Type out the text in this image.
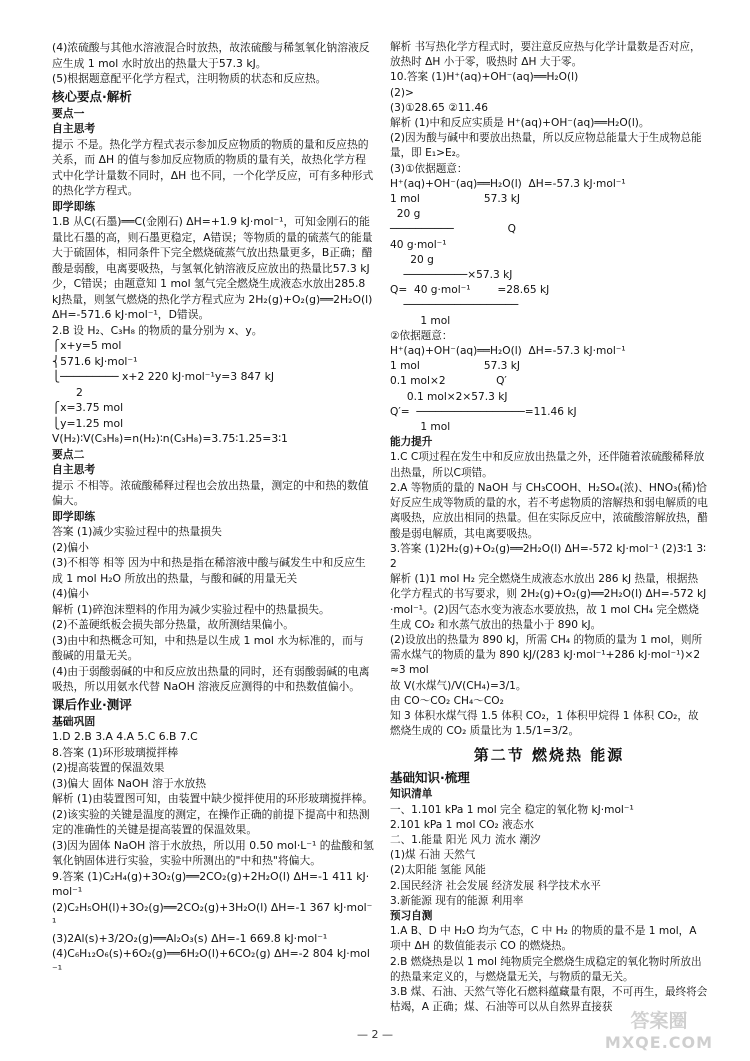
(4)浓硫酸与其他水溶液混合时放热，故浓硫酸与稀氢氧化钠溶液反应生成 1 mol 水时放出的热量大于57.3 kJ。
(5)根据题意配平化学方程式，注明物质的状态和反应热。
核心要点·解析
要点一
自主思考
提示 不是。热化学方程式表示参加反应物质的物质的量和反应热的关系，而 ΔH 的值与参加反应物质的物质的量有关，故热化学方程式中化学计量数不同时，ΔH 也不同，一个化学反应，可有多种形式的热化学方程式。
即学即练
1.B 从C(石墨)══C(金刚石) ΔH=+1.9 kJ·mol⁻¹，可知金刚石的能量比石墨的高，则石墨更稳定，A错误；等物质的量的硫蒸气的能量大于硫固体，相同条件下完全燃烧硫蒸气放出热量更多，B正确；醋酸是弱酸，电离要吸热，与氢氧化钠溶液反应放出的热量比57.3 kJ少，C错误；由题意知 1 mol 氢气完全燃烧生成液态水放出285.8 kJ热量，则氢气燃烧的热化学方程式应为 2H₂(g)+O₂(g)══2H₂O(l) ΔH=-571.6 kJ·mol⁻¹，D错误。
2.B 设 H₂、C₃H₈ 的物质的量分别为 x、y。
⎧x+y=5 mol
⎨571.6 kJ·mol⁻¹
⎩───────── x+2 220 kJ·mol⁻¹y=3 847 kJ
2
⎧x=3.75 mol
⎩y=1.25 mol
V(H₂)∶V(C₃H₈)=n(H₂)∶n(C₃H₈)=3.75∶1.25=3∶1
要点二
自主思考
提示 不相等。浓硫酸稀释过程也会放出热量，测定的中和热的数值偏大。
即学即练
答案 (1)减少实验过程中的热量损失
(2)偏小
(3)不相等 相等 因为中和热是指在稀溶液中酸与碱发生中和反应生成 1 mol H₂O 所放出的热量，与酸和碱的用量无关
(4)偏小
解析 (1)碎泡沫塑料的作用为减少实验过程中的热量损失。
(2)不盖硬纸板会损失部分热量，故所测结果偏小。
(3)由中和热概念可知，中和热是以生成 1 mol 水为标准的，而与酸碱的用量无关。
(4)由于弱酸弱碱的中和反应放出热量的同时，还有弱酸弱碱的电离吸热，所以用氨水代替 NaOH 溶液反应测得的中和热数值偏小。
课后作业·测评
基础巩固
1.D 2.B 3.A 4.A 5.C 6.B 7.C
8.答案 (1)环形玻璃搅拌棒
(2)提高装置的保温效果
(3)偏大 固体 NaOH 溶于水放热
解析 (1)由装置图可知，由装置中缺少搅拌使用的环形玻璃搅拌棒。
(2)该实验的关键是温度的测定，在操作正确的前提下提高中和热测定的准确性的关键是提高装置的保温效果。
(3)因为固体 NaOH 溶于水放热，所以用 0.50 mol·L⁻¹ 的盐酸和氢氧化钠固体进行实验，实验中所测出的"中和热"将偏大。
9.答案 (1)C₂H₄(g)+3O₂(g)══2CO₂(g)+2H₂O(l) ΔH=-1 411 kJ·mol⁻¹
(2)C₂H₅OH(l)+3O₂(g)══2CO₂(g)+3H₂O(l) ΔH=-1 367 kJ·mol⁻¹
(3)2Al(s)+3/2O₂(g)══Al₂O₃(s) ΔH=-1 669.8 kJ·mol⁻¹
(4)C₆H₁₂O₆(s)+6O₂(g)══6H₂O(l)+6CO₂(g) ΔH=-2 804 kJ·mol⁻¹
解析 书写热化学方程式时，要注意反应热与化学计量数是否对应，放热时 ΔH 小于零，吸热时 ΔH 大于零。
10.答案 (1)H⁺(aq)+OH⁻(aq)══H₂O(l)
(2)>
(3)①28.65 ②11.46
解析 (1)中和反应实质是 H⁺(aq)+OH⁻(aq)══H₂O(l)。
(2)因为酸与碱中和要放出热量，所以反应物总能量大于生成物总能量，即 E₁>E₂。
(3)①依据题意：
H⁺(aq)+OH⁻(aq)══H₂O(l)  ΔH=-57.3 kJ·mol⁻¹
1 mol                   57.3 kJ
20 g
──────────                Q
40 g·mol⁻¹
20 g
──────────×57.3 kJ
Q=  40 g·mol⁻¹        =28.65 kJ
──────────────────
1 mol
②依据题意：
H⁺(aq)+OH⁻(aq)══H₂O(l)  ΔH=-57.3 kJ·mol⁻¹
1 mol                   57.3 kJ
0.1 mol×2               Q′
0.1 mol×2×57.3 kJ
Q′=  ─────────────────=11.46 kJ
1 mol
能力提升
1.C C项过程在发生中和反应放出热量之外，还伴随着浓硫酸稀释放出热量，所以C项错。
2.A 等物质的量的 NaOH 与 CH₃COOH、H₂SO₄(浓)、HNO₃(稀)恰好反应生成等物质的量的水，若不考虑物质的溶解热和弱电解质的电离吸热，应放出相同的热量。但在实际反应中，浓硫酸溶解放热，醋酸是弱电解质，其电离要吸热。
3.答案 (1)2H₂(g)+O₂(g)══2H₂O(l) ΔH=-572 kJ·mol⁻¹ (2)3∶1 3∶2
解析 (1)1 mol H₂ 完全燃烧生成液态水放出 286 kJ 热量，根据热化学方程式的书写要求，则 2H₂(g)+O₂(g)══2H₂O(l) ΔH=-572 kJ·mol⁻¹。(2)因气态水变为液态水要放热，故 1 mol CH₄ 完全燃烧生成 CO₂ 和水蒸气放出的热量小于 890 kJ。
(2)设放出的热量为 890 kJ，所需 CH₄ 的物质的量为 1 mol，则所需水煤气的物质的量为 890 kJ/(283 kJ·mol⁻¹+286 kJ·mol⁻¹)×2≈3 mol
故 V(水煤气)/V(CH₄)=3/1。
由 CO～CO₂ CH₄～CO₂
知 3 体积水煤气得 1.5 体积 CO₂，1 体积甲烷得 1 体积 CO₂，故燃烧生成的 CO₂ 质量比为 1.5/1=3/2。
第二节 燃烧热 能源
基础知识·梳理
知识清单
一、1.101 kPa 1 mol 完全 稳定的氧化物 kJ·mol⁻¹
2.101 kPa 1 mol CO₂ 液态水
二、1.能量 阳光 风力 流水 潮汐
(1)煤 石油 天然气
(2)太阳能 氢能 风能
2.国民经济 社会发展 经济发展 科学技术水平
3.新能源 现有的能源 利用率
预习自测
1.A B、D 中 H₂O 均为气态，C 中 H₂ 的物质的量不是 1 mol，A 项中 ΔH 的数值能表示 CO 的燃烧热。
2.B 燃烧热是以 1 mol 纯物质完全燃烧生成稳定的氧化物时所放出的热量来定义的，与燃烧量无关，与物质的量无关。
3.B 煤、石油、天然气等化石燃料蕴藏量有限，不可再生，最终将会枯竭，A 正确；煤、石油等可以从自然界直接获
— 2 —
答案圈
MXQE.COM
